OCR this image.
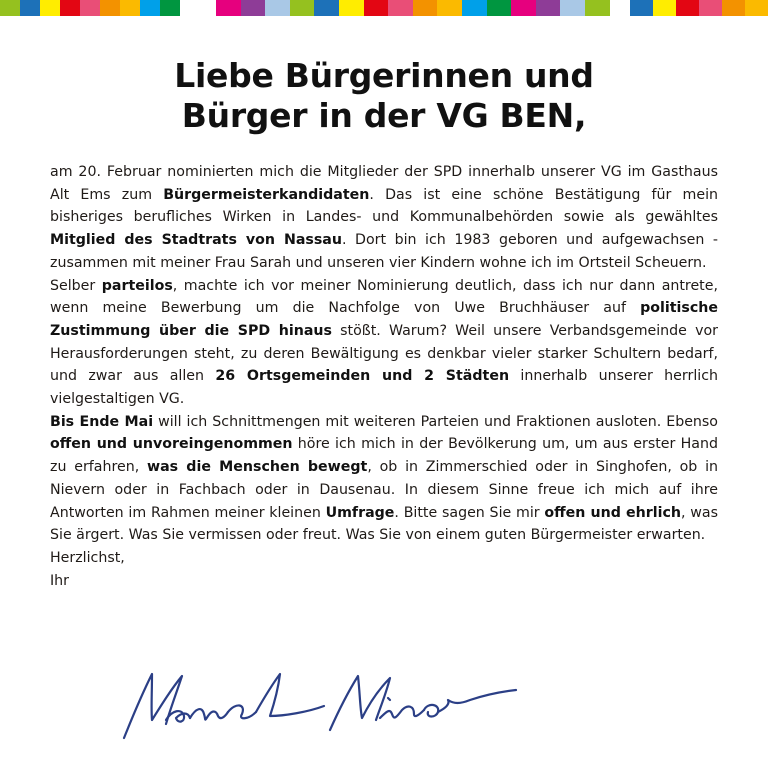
Liebe Bürgerinnen und
Bürger in der VG BEN,

am 20. Februar nominierten mich die Mitglieder der SPD innerhalb unserer VG im Gasthaus Alt Ems zum Bürgermeisterkandidaten. Das ist eine schöne Bestätigung für mein bisheriges berufliches Wirken in Landes- und Kommunalbehörden sowie als gewähltes Mitglied des Stadtrats von Nassau. Dort bin ich 1983 geboren und aufgewachsen - zusammen mit meiner Frau Sarah und unseren vier Kindern wohne ich im Ortsteil Scheuern.

Selber parteilos, machte ich vor meiner Nominierung deutlich, dass ich nur dann antrete, wenn meine Bewerbung um die Nachfolge von Uwe Bruchhäuser auf politische Zustimmung über die SPD hinaus stößt. Warum? Weil unsere Verbandsgemeinde vor Herausforderungen steht, zu deren Bewältigung es denkbar vieler starker Schultern bedarf, und zwar aus allen 26 Ortsgemeinden und 2 Städten innerhalb unserer herrlich vielgestaltigen VG.

Bis Ende Mai will ich Schnittmengen mit weiteren Parteien und Fraktionen ausloten. Ebenso offen und unvoreingenommen höre ich mich in der Bevölkerung um, um aus erster Hand zu erfahren, was die Menschen bewegt, ob in Zimmerschied oder in Singhofen, ob in Nievern oder in Fachbach oder in Dausenau. In diesem Sinne freue ich mich auf ihre Antworten im Rahmen meiner kleinen Umfrage. Bitte sagen Sie mir offen und ehrlich, was Sie ärgert. Was Sie vermissen oder freut. Was Sie von einem guten Bürgermeister erwarten.

Herzlichst,

Ihr
